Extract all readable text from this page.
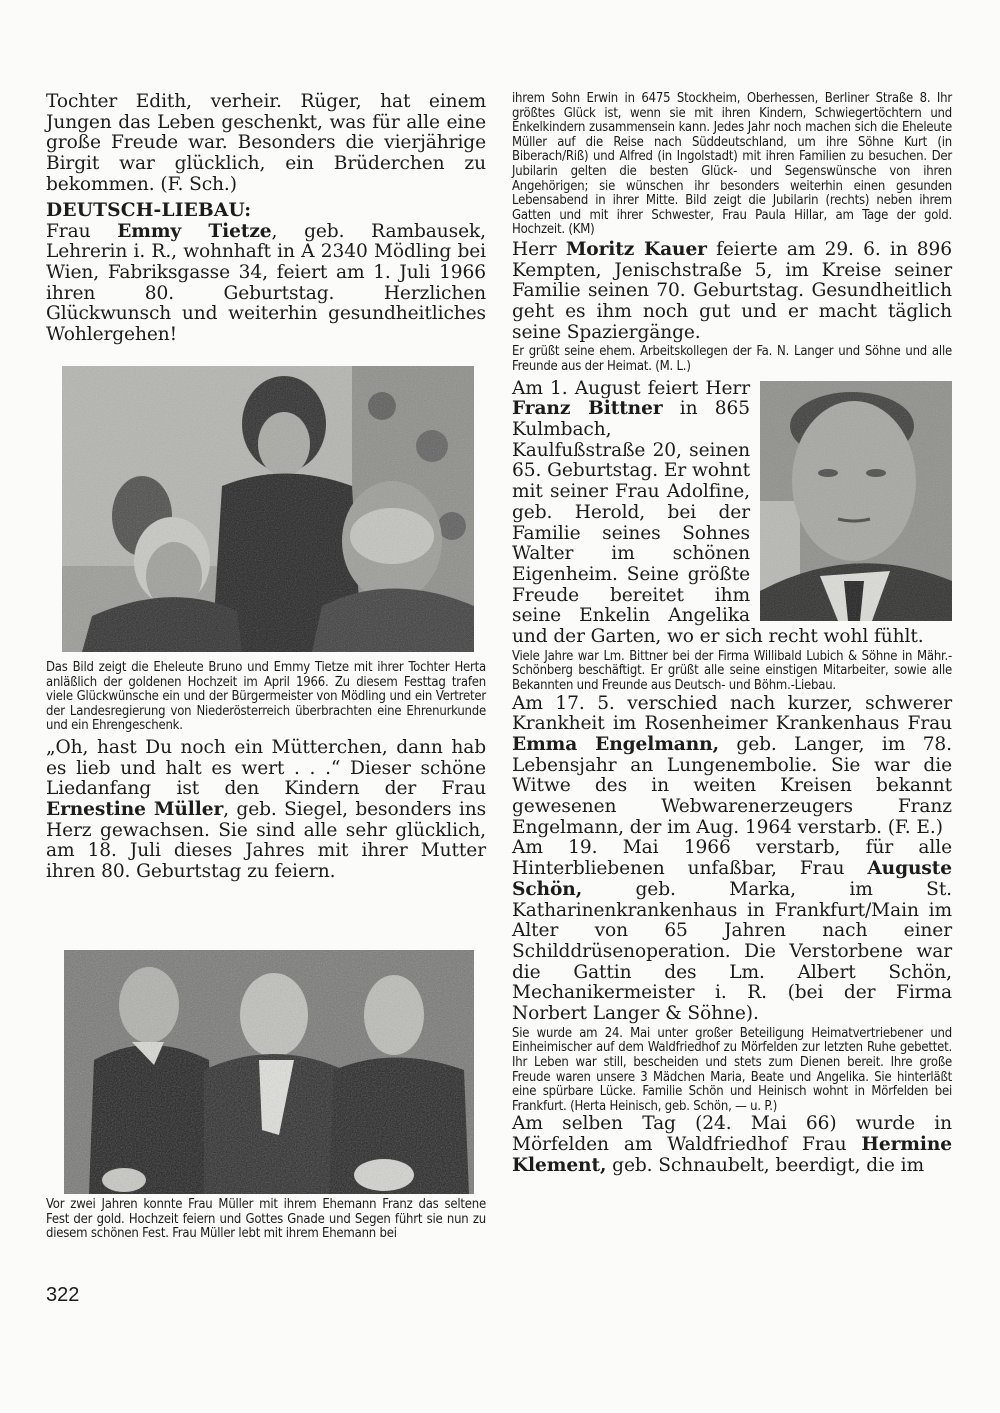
Tochter Edith, verheir. Rüger, hat einem Jungen das Leben geschenkt, was für alle eine große Freude war. Besonders die vierjährige Birgit war glücklich, ein Brüderchen zu bekommen. (F. Sch.)

DEUTSCH-LIEBAU:

Frau Emmy Tietze, geb. Rambausek, Lehrerin i. R., wohnhaft in A 2340 Mödling bei Wien, Fabriksgasse 34, feiert am 1. Juli 1966 ihren 80. Geburtstag. Herzlichen Glückwunsch und weiterhin gesundheitliches Wohlergehen!

Das Bild zeigt die Eheleute Bruno und Emmy Tietze mit ihrer Tochter Herta anläßlich der goldenen Hochzeit im April 1966. Zu diesem Festtag trafen viele Glückwünsche ein und der Bürgermeister von Mödling und ein Vertreter der Landesregierung von Niederösterreich überbrachten eine Ehrenurkunde und ein Ehrengeschenk.

„Oh, hast Du noch ein Mütterchen, dann hab es lieb und halt es wert . . .“ Dieser schöne Liedanfang ist den Kindern der Frau Ernestine Müller, geb. Siegel, besonders ins Herz gewachsen. Sie sind alle sehr glücklich, am 18. Juli dieses Jahres mit ihrer Mutter ihren 80. Geburtstag zu feiern.

Vor zwei Jahren konnte Frau Müller mit ihrem Ehemann Franz das seltene Fest der gold. Hochzeit feiern und Gottes Gnade und Segen führt sie nun zu diesem schönen Fest. Frau Müller lebt mit ihrem Ehemann bei

322

ihrem Sohn Erwin in 6475 Stockheim, Oberhessen, Berliner Straße 8. Ihr größtes Glück ist, wenn sie mit ihren Kindern, Schwiegertöchtern und Enkelkindern zusammensein kann. Jedes Jahr noch machen sich die Eheleute Müller auf die Reise nach Süddeutschland, um ihre Söhne Kurt (in Biberach/Riß) und Alfred (in Ingolstadt) mit ihren Familien zu besuchen. Der Jubilarin gelten die besten Glück- und Segenswünsche von ihren Angehörigen; sie wünschen ihr besonders weiterhin einen gesunden Lebensabend in ihrer Mitte. Bild zeigt die Jubilarin (rechts) neben ihrem Gatten und mit ihrer Schwester, Frau Paula Hillar, am Tage der gold. Hochzeit. (KM)

Herr Moritz Kauer feierte am 29. 6. in 896 Kempten, Jenischstraße 5, im Kreise seiner Familie seinen 70. Geburtstag. Gesundheitlich geht es ihm noch gut und er macht täglich seine Spaziergänge.

Er grüßt seine ehem. Arbeitskollegen der Fa. N. Langer und Söhne und alle Freunde aus der Heimat. (M. L.)

Am 1. August feiert Herr Franz Bittner in 865 Kulmbach, Kaulfußstraße 20, seinen 65. Geburtstag. Er wohnt mit seiner Frau Adolfine, geb. Herold, bei der Familie seines Sohnes Walter im schönen Eigenheim. Seine größte Freude bereitet ihm seine Enkelin Angelika und der Garten, wo er sich recht wohl fühlt.

Viele Jahre war Lm. Bittner bei der Firma Willibald Lubich & Söhne in Mähr.-Schönberg beschäftigt. Er grüßt alle seine einstigen Mitarbeiter, sowie alle Bekannten und Freunde aus Deutsch- und Böhm.-Liebau.

Am 17. 5. verschied nach kurzer, schwerer Krankheit im Rosenheimer Krankenhaus Frau Emma Engelmann, geb. Langer, im 78. Lebensjahr an Lungenembolie. Sie war die Witwe des in weiten Kreisen bekannt gewesenen Webwarenerzeugers Franz Engelmann, der im Aug. 1964 verstarb. (F. E.)

Am 19. Mai 1966 verstarb, für alle Hinterbliebenen unfaßbar, Frau Auguste Schön, geb. Marka, im St. Katharinenkrankenhaus in Frankfurt/Main im Alter von 65 Jahren nach einer Schilddrüsenoperation. Die Verstorbene war die Gattin des Lm. Albert Schön, Mechanikermeister i. R. (bei der Firma Norbert Langer & Söhne).

Sie wurde am 24. Mai unter großer Beteiligung Heimatvertriebener und Einheimischer auf dem Waldfriedhof zu Mörfelden zur letzten Ruhe gebettet. Ihr Leben war still, bescheiden und stets zum Dienen bereit. Ihre große Freude waren unsere 3 Mädchen Maria, Beate und Angelika. Sie hinterläßt eine spürbare Lücke. Familie Schön und Heinisch wohnt in Mörfelden bei Frankfurt. (Herta Heinisch, geb. Schön, — u. P.)

Am selben Tag (24. Mai 66) wurde in Mörfelden am Waldfriedhof Frau Hermine Klement, geb. Schnaubelt, beerdigt, die im
